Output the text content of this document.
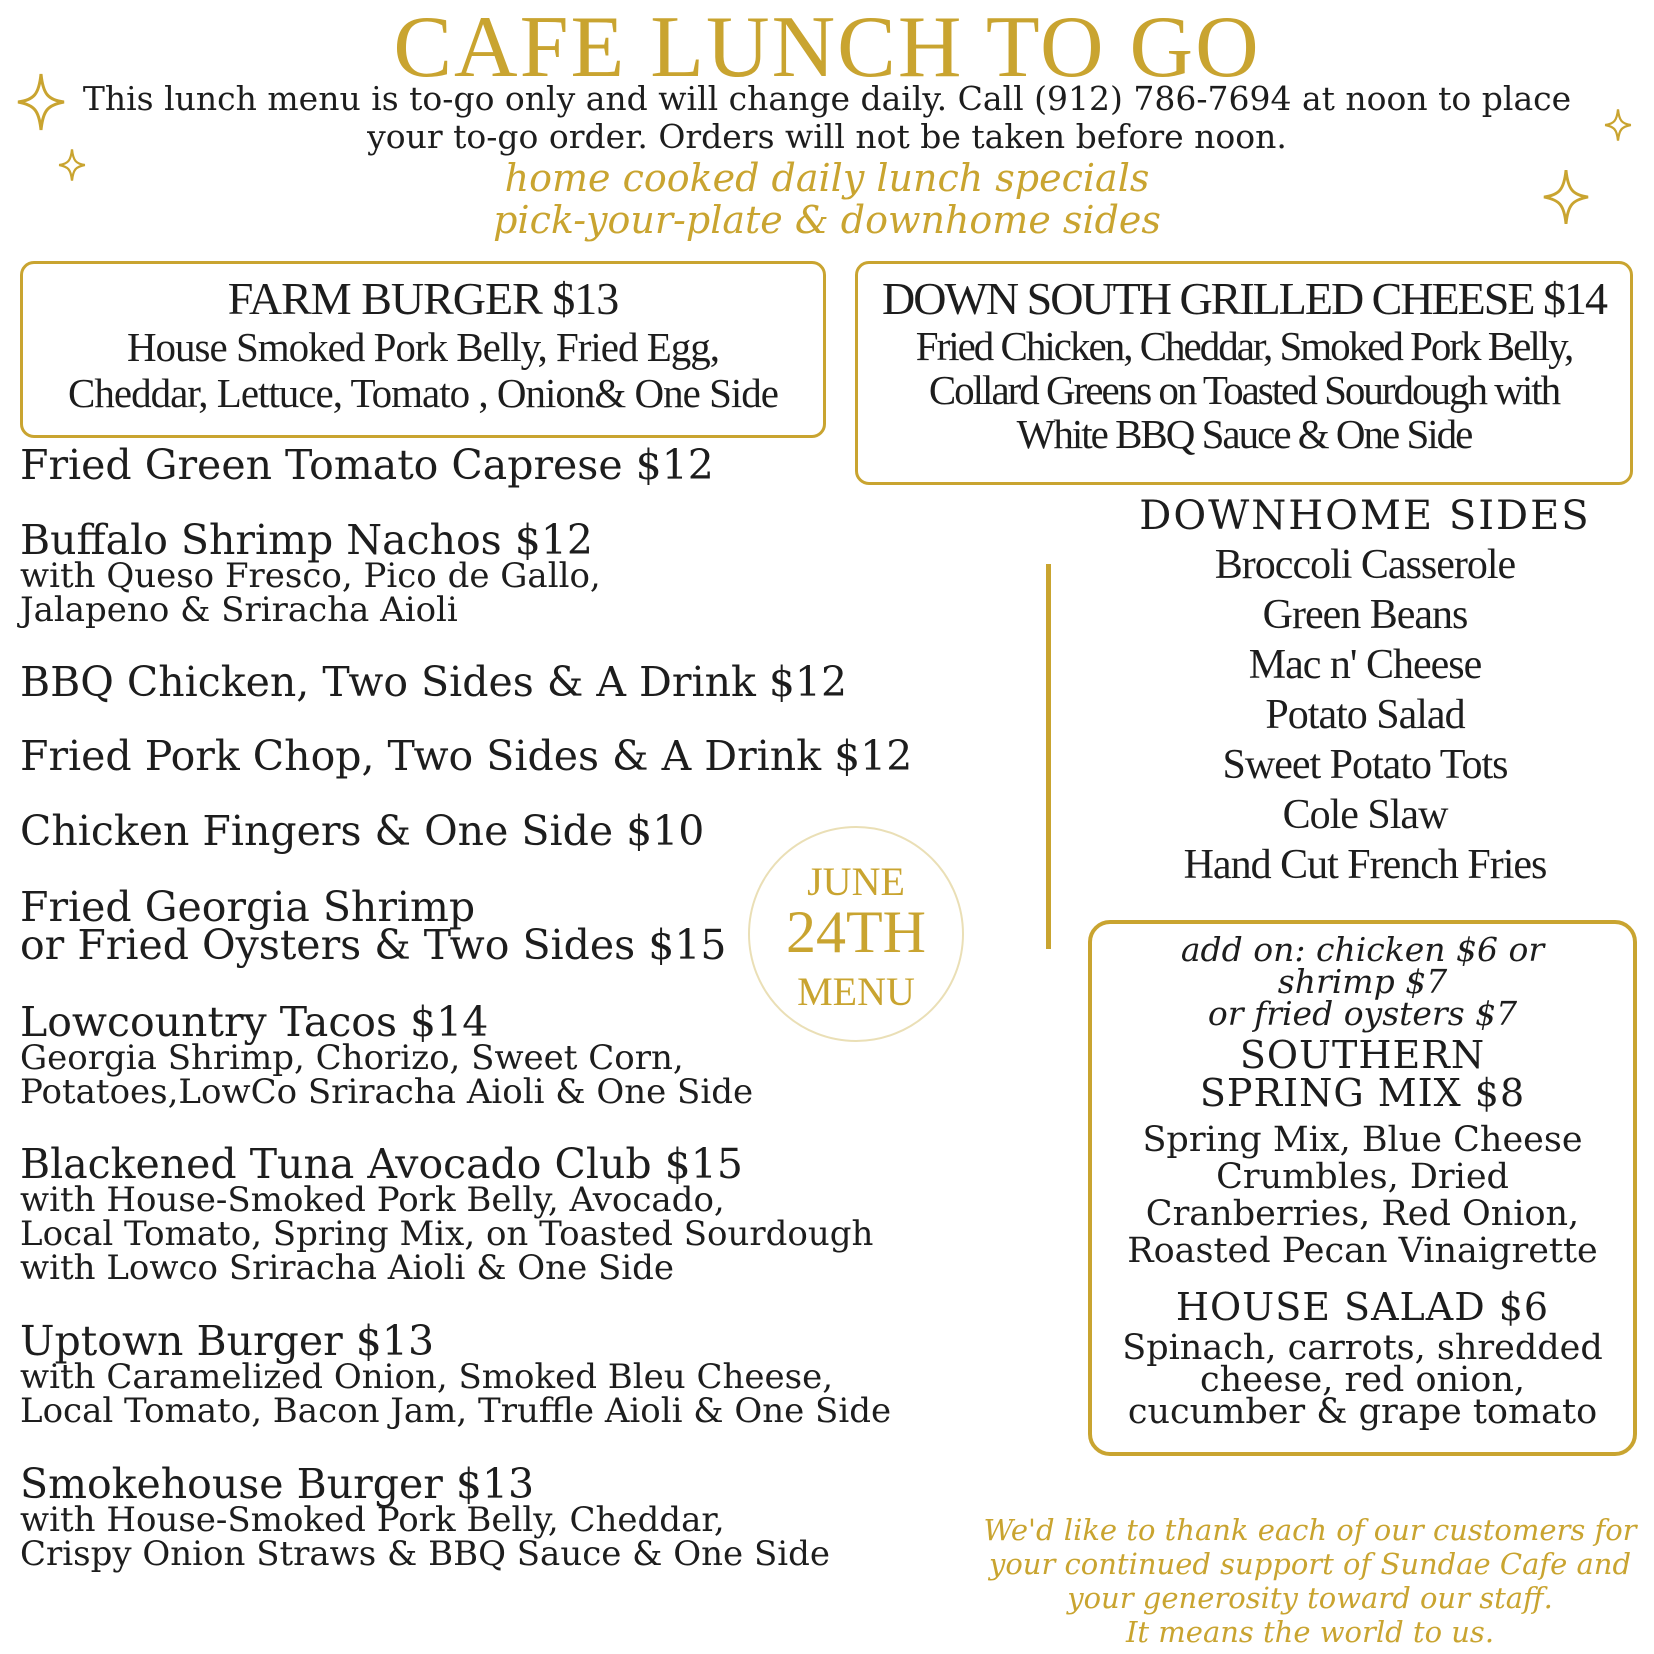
CAFE LUNCH TO GO
This lunch menu is to-go only and will change daily. Call (912) 786-7694 at noon to place your to-go order. Orders will not be taken before noon.
home cooked daily lunch specials
pick-your-plate & downhome sides
FARM BURGER $13
House Smoked Pork Belly, Fried Egg,
Cheddar, Lettuce, Tomato , Onion& One Side
DOWN SOUTH GRILLED CHEESE $14
Fried Chicken, Cheddar, Smoked Pork Belly,
Collard Greens on Toasted Sourdough with
White BBQ Sauce & One Side
Fried Green Tomato Caprese $12
Buffalo Shrimp Nachos $12
with Queso Fresco, Pico de Gallo,
Jalapeno & Sriracha Aioli
BBQ Chicken, Two Sides & A Drink $12
Fried Pork Chop, Two Sides & A Drink $12
Chicken Fingers & One Side $10
Fried Georgia Shrimp
or Fried Oysters & Two Sides $15
Lowcountry Tacos $14
Georgia Shrimp, Chorizo, Sweet Corn,
Potatoes,LowCo Sriracha Aioli & One Side
Blackened Tuna Avocado Club $15
with House-Smoked Pork Belly, Avocado,
Local Tomato, Spring Mix, on Toasted Sourdough
with Lowco Sriracha Aioli & One Side
Uptown Burger $13
with Caramelized Onion, Smoked Bleu Cheese,
Local Tomato, Bacon Jam, Truffle Aioli & One Side
Smokehouse Burger $13
with House-Smoked Pork Belly, Cheddar,
Crispy Onion Straws & BBQ Sauce & One Side
JUNE
24TH
MENU
DOWNHOME SIDES
Broccoli Casserole
Green Beans
Mac n' Cheese
Potato Salad
Sweet Potato Tots
Cole Slaw
Hand Cut French Fries
add on: chicken $6 or
shrimp $7
or fried oysters $7
SOUTHERN
SPRING MIX $8
Spring Mix, Blue Cheese
Crumbles, Dried
Cranberries, Red Onion,
Roasted Pecan Vinaigrette
HOUSE SALAD $6
Spinach, carrots, shredded
cheese, red onion,
cucumber & grape tomato
We'd like to thank each of our customers for
your continued support of Sundae Cafe and
your generosity toward our staff.
It means the world to us.
